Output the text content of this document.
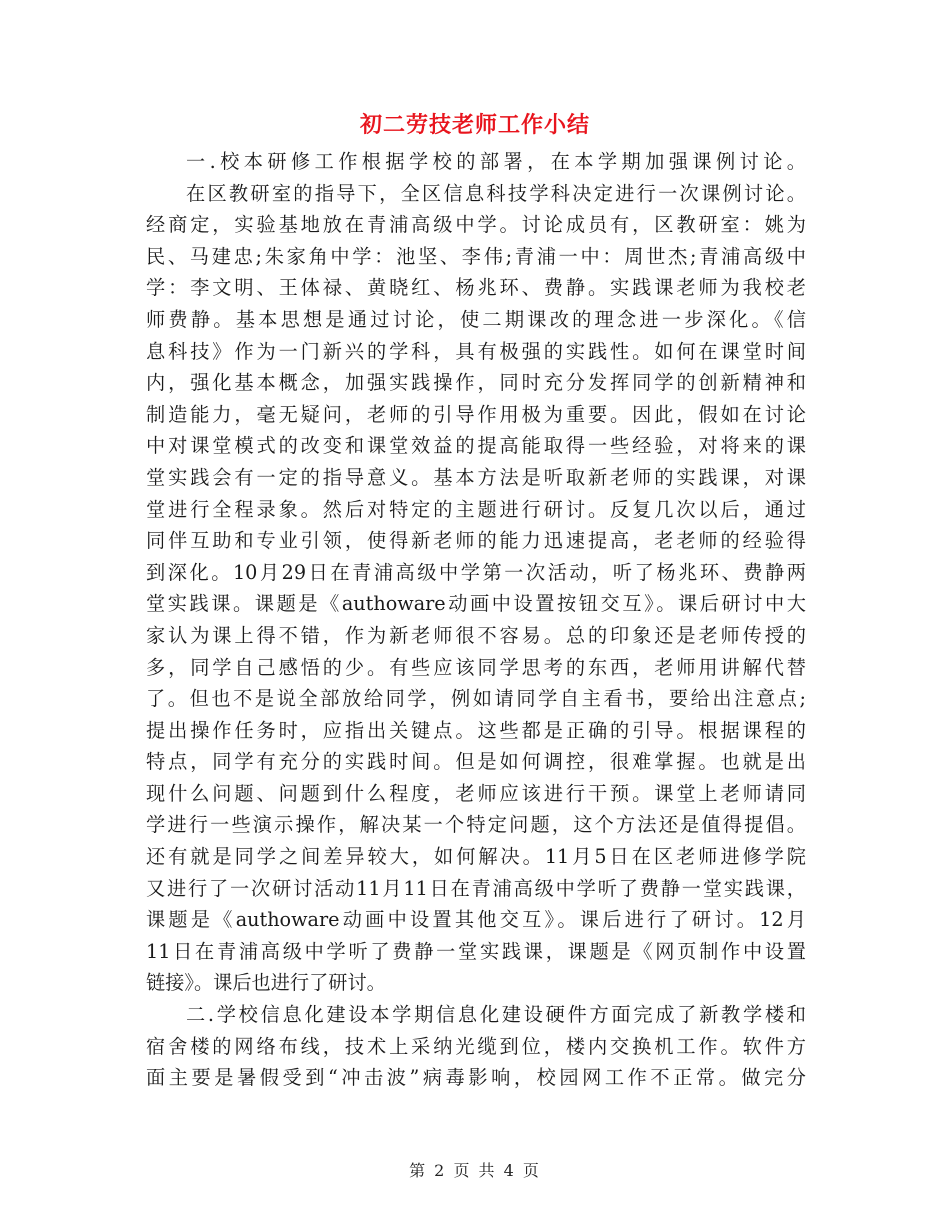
初二劳技老师工作小结
一.校本研修工作根据学校的部署，在本学期加强课例讨论。
在区教研室的指导下，全区信息科技学科决定进行一次课例讨论。
经商定，实验基地放在青浦高级中学。讨论成员有，区教研室：姚为
民、马建忠;朱家角中学：池坚、李伟;青浦一中：周世杰;青浦高级中
学：李文明、王体禄、黄晓红、杨兆环、费静。实践课老师为我校老
师费静。基本思想是通过讨论，使二期课改的理念进一步深化。《信
息科技》作为一门新兴的学科，具有极强的实践性。如何在课堂时间
内，强化基本概念，加强实践操作，同时充分发挥同学的创新精神和
制造能力，毫无疑问，老师的引导作用极为重要。因此，假如在讨论
中对课堂模式的改变和课堂效益的提高能取得一些经验，对将来的课
堂实践会有一定的指导意义。基本方法是听取新老师的实践课，对课
堂进行全程录象。然后对特定的主题进行研讨。反复几次以后，通过
同伴互助和专业引领，使得新老师的能力迅速提高，老老师的经验得
到深化。10月29日在青浦高级中学第一次活动，听了杨兆环、费静两
堂实践课。课题是《authoware动画中设置按钮交互》。课后研讨中大
家认为课上得不错，作为新老师很不容易。总的印象还是老师传授的
多，同学自己感悟的少。有些应该同学思考的东西，老师用讲解代替
了。但也不是说全部放给同学，例如请同学自主看书，要给出注意点;
提出操作任务时，应指出关键点。这些都是正确的引导。根据课程的
特点，同学有充分的实践时间。但是如何调控，很难掌握。也就是出
现什么问题、问题到什么程度，老师应该进行干预。课堂上老师请同
学进行一些演示操作，解决某一个特定问题，这个方法还是值得提倡。
还有就是同学之间差异较大，如何解决。11月5日在区老师进修学院
又进行了一次研讨活动11月11日在青浦高级中学听了费静一堂实践课，
课题是《authoware动画中设置其他交互》。课后进行了研讨。12月
11日在青浦高级中学听了费静一堂实践课，课题是《网页制作中设置
链接》。课后也进行了研讨。
二.学校信息化建设本学期信息化建设硬件方面完成了新教学楼和
宿舍楼的网络布线，技术上采纳光缆到位，楼内交换机工作。软件方
面主要是暑假受到“冲击波”病毒影响，校园网工作不正常。做完分
第 2 页 共 4 页
